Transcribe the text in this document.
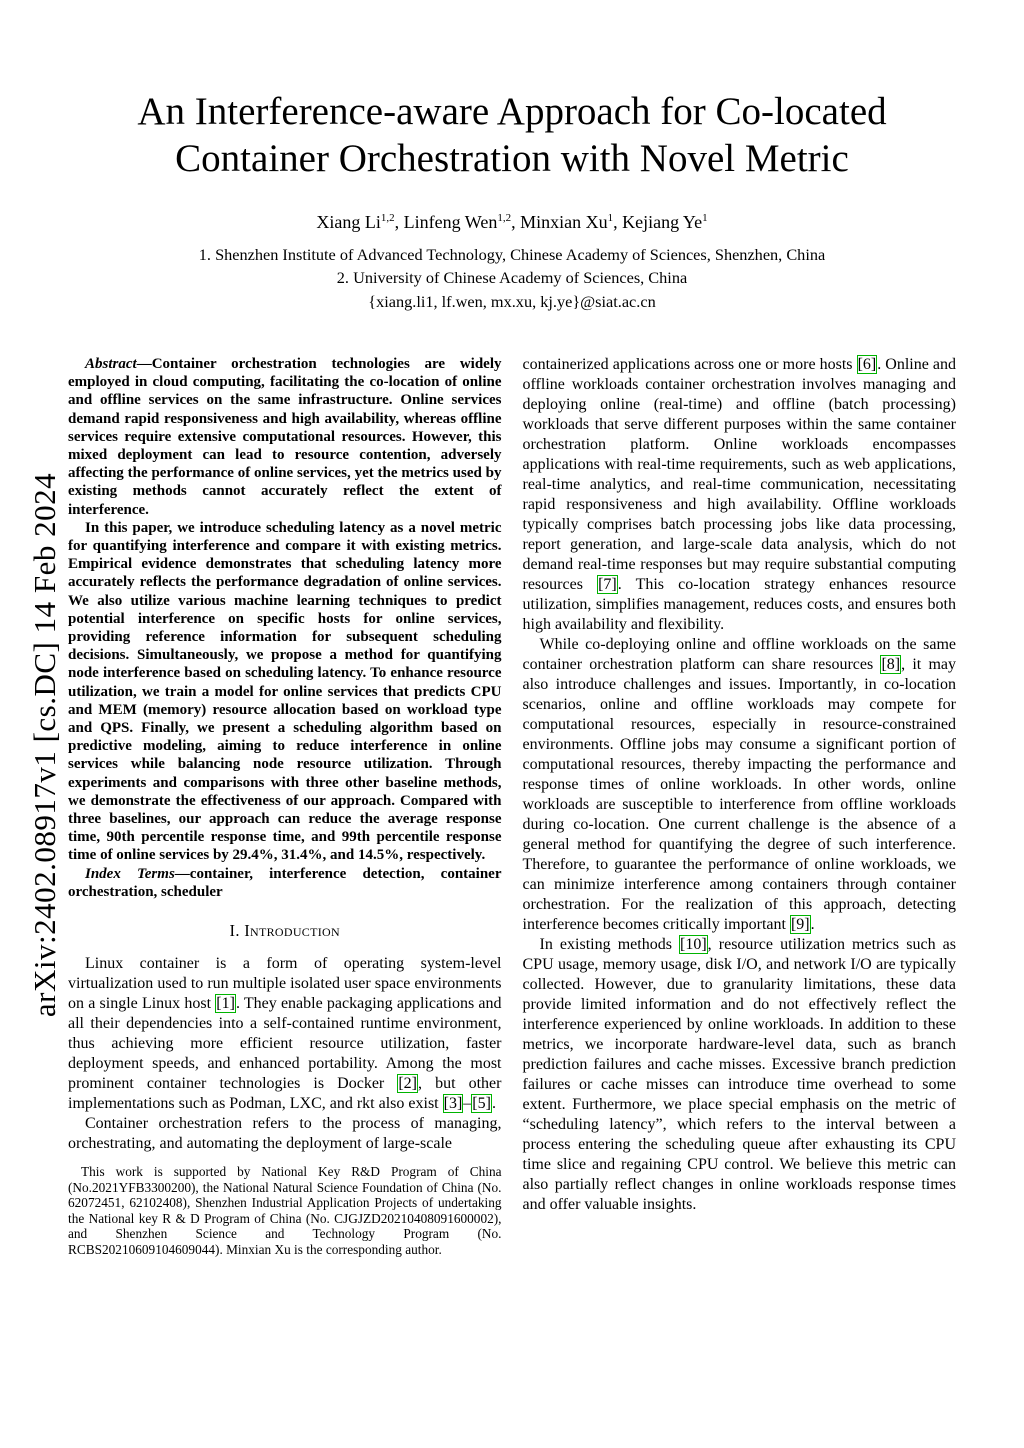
arXiv:2402.08917v1 [cs.DC] 14 Feb 2024
An Interference-aware Approach for Co-located
Container Orchestration with Novel Metric
Xiang Li$^{1,2}$, Linfeng Wen$^{1,2}$, Minxian Xu$^1$, Kejiang Ye$^1$
1. Shenzhen Institute of Advanced Technology, Chinese Academy of Sciences, Shenzhen, China
2. University of Chinese Academy of Sciences, China
{xiang.li1, lf.wen, mx.xu, kj.ye}@siat.ac.cn

Abstract—Container orchestration technologies are widely employed in cloud computing, facilitating the co-location of online and offline services on the same infrastructure. Online services demand rapid responsiveness and high availability, whereas offline services require extensive computational resources. However, this mixed deployment can lead to resource contention, adversely affecting the performance of online services, yet the metrics used by existing methods cannot accurately reflect the extent of interference.

In this paper, we introduce scheduling latency as a novel metric for quantifying interference and compare it with existing metrics. Empirical evidence demonstrates that scheduling latency more accurately reflects the performance degradation of online services. We also utilize various machine learning techniques to predict potential interference on specific hosts for online services, providing reference information for subsequent scheduling decisions. Simultaneously, we propose a method for quantifying node interference based on scheduling latency. To enhance resource utilization, we train a model for online services that predicts CPU and MEM (memory) resource allocation based on workload type and QPS. Finally, we present a scheduling algorithm based on predictive modeling, aiming to reduce interference in online services while balancing node resource utilization. Through experiments and comparisons with three other baseline methods, we demonstrate the effectiveness of our approach. Compared with three baselines, our approach can reduce the average response time, 90th percentile response time, and 99th percentile response time of online services by 29.4%, 31.4%, and 14.5%, respectively.

Index Terms—container, interference detection, container orchestration, scheduler

I. Introduction

Linux container is a form of operating system-level virtualization used to run multiple isolated user space environments on a single Linux host [1]. They enable packaging applications and all their dependencies into a self-contained runtime environment, thus achieving more efficient resource utilization, faster deployment speeds, and enhanced portability. Among the most prominent container technologies is Docker [2], but other implementations such as Podman, LXC, and rkt also exist [3]–[5].

Container orchestration refers to the process of managing, orchestrating, and automating the deployment of large-scale

This work is supported by National Key R&D Program of China (No.2021YFB3300200), the National Natural Science Foundation of China (No. 62072451, 62102408), Shenzhen Industrial Application Projects of undertaking the National key R & D Program of China (No. CJGJZD20210408091600002), and Shenzhen Science and Technology Program (No. RCBS20210609104609044). Minxian Xu is the corresponding author.

containerized applications across one or more hosts [6]. Online and offline workloads container orchestration involves managing and deploying online (real-time) and offline (batch processing) workloads that serve different purposes within the same container orchestration platform. Online workloads encompasses applications with real-time requirements, such as web applications, real-time analytics, and real-time communication, necessitating rapid responsiveness and high availability. Offline workloads typically comprises batch processing jobs like data processing, report generation, and large-scale data analysis, which do not demand real-time responses but may require substantial computing resources [7]. This co-location strategy enhances resource utilization, simplifies management, reduces costs, and ensures both high availability and flexibility.

While co-deploying online and offline workloads on the same container orchestration platform can share resources [8], it may also introduce challenges and issues. Importantly, in co-location scenarios, online and offline workloads may compete for computational resources, especially in resource-constrained environments. Offline jobs may consume a significant portion of computational resources, thereby impacting the performance and response times of online workloads. In other words, online workloads are susceptible to interference from offline workloads during co-location. One current challenge is the absence of a general method for quantifying the degree of such interference. Therefore, to guarantee the performance of online workloads, we can minimize interference among containers through container orchestration. For the realization of this approach, detecting interference becomes critically important [9].

In existing methods [10], resource utilization metrics such as CPU usage, memory usage, disk I/O, and network I/O are typically collected. However, due to granularity limitations, these data provide limited information and do not effectively reflect the interference experienced by online workloads. In addition to these metrics, we incorporate hardware-level data, such as branch prediction failures and cache misses. Excessive branch prediction failures or cache misses can introduce time overhead to some extent. Furthermore, we place special emphasis on the metric of “scheduling latency”, which refers to the interval between a process entering the scheduling queue after exhausting its CPU time slice and regaining CPU control. We believe this metric can also partially reflect changes in online workloads response times and offer valuable insights.
